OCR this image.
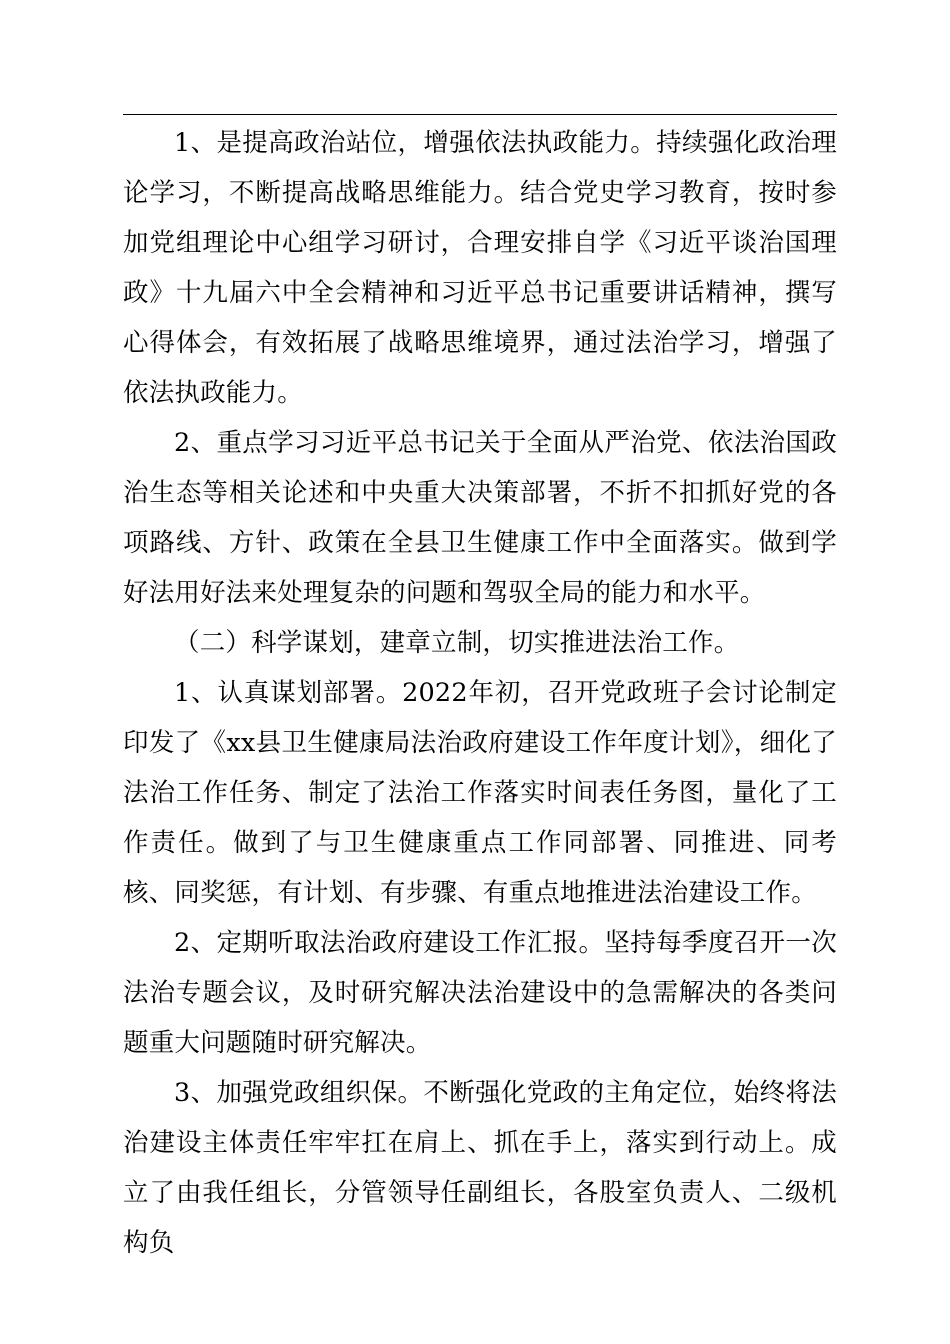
1、是提高政治站位，增强依法执政能力。持续强化政治理论学习，不断提高战略思维能力。结合党史学习教育，按时参加党组理论中心组学习研讨，合理安排自学《习近平谈治国理政》十九届六中全会精神和习近平总书记重要讲话精神，撰写心得体会，有效拓展了战略思维境界，通过法治学习，增强了依法执政能力。

2、重点学习习近平总书记关于全面从严治党、依法治国政治生态等相关论述和中央重大决策部署，不折不扣抓好党的各项路线、方针、政策在全县卫生健康工作中全面落实。做到学好法用好法来处理复杂的问题和驾驭全局的能力和水平。

（二）科学谋划，建章立制，切实推进法治工作。

1、认真谋划部署。2022年初，召开党政班子会讨论制定印发了《xx县卫生健康局法治政府建设工作年度计划》，细化了法治工作任务、制定了法治工作落实时间表任务图，量化了工作责任。做到了与卫生健康重点工作同部署、同推进、同考核、同奖惩，有计划、有步骤、有重点地推进法治建设工作。

2、定期听取法治政府建设工作汇报。坚持每季度召开一次法治专题会议，及时研究解决法治建设中的急需解决的各类问题重大问题随时研究解决。

3、加强党政组织保。不断强化党政的主角定位，始终将法治建设主体责任牢牢扛在肩上、抓在手上，落实到行动上。成立了由我任组长，分管领导任副组长，各股室负责人、二级机构负
